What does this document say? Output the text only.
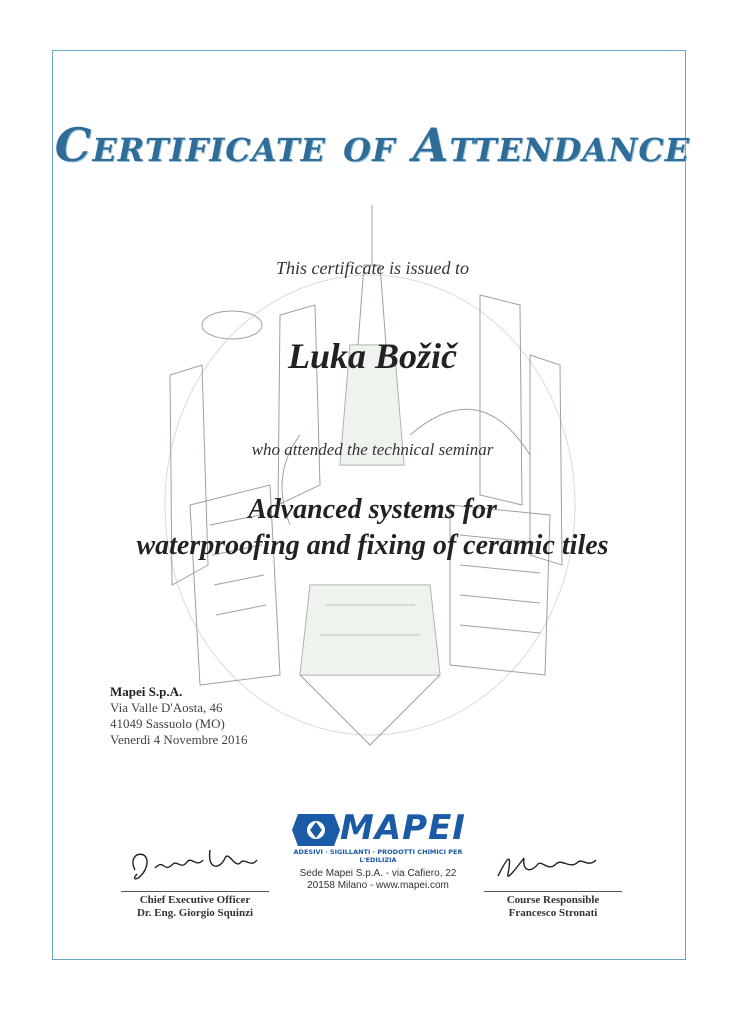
Certificate of Attendance
This certificate is issued to
Luka Božič
who attended the technical seminar
Advanced systems for
waterproofing and fixing of ceramic tiles
Mapei S.p.A.
Via Valle D'Aosta, 46
41049 Sassuolo (MO)
Venerdì 4 Novembre 2016
MAPEI
ADESIVI · SIGILLANTI · PRODOTTI CHIMICI PER L'EDILIZIA
Sede Mapei S.p.A. - via Cafiero, 22
20158 Milano - www.mapei.com
Chief Executive Officer
Dr. Eng. Giorgio Squinzi
Course Responsible
Francesco Stronati
